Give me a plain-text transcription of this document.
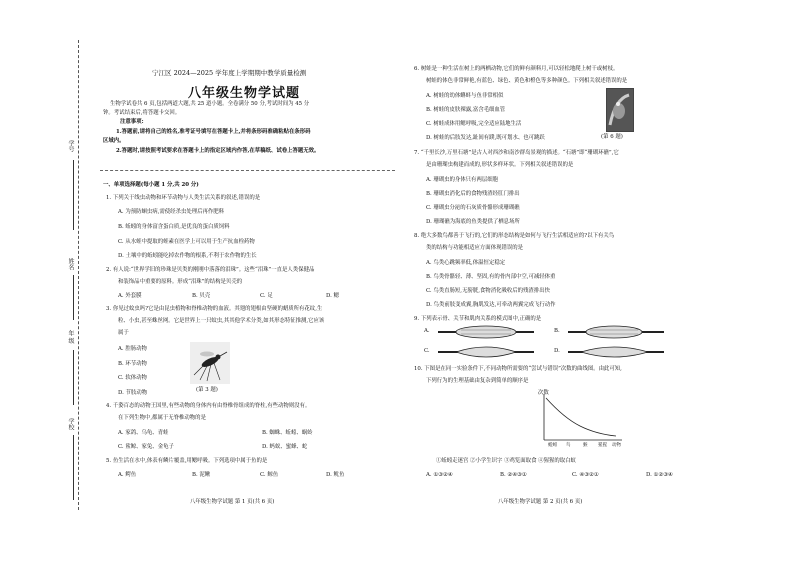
学号
姓名
年 级
学校
宁江区 2024—2025 学年度上学期期中教学质量检测
八年级生物学试题
生物学试卷共 6 页,包括两道大题,共 25 道小题。全卷满分 50 分,考试时间为 45 分
钟。考试结束后,将答题卡交回。
注意事项:
1.答题前,请将自己的姓名,准考证号填写在答题卡上,并将条形码准确粘贴在条形码
区域内。
2.答题时,请按照考试要求在答题卡上的指定区域内作答,在草稿纸、试卷上答题无效。
一、单项选择题(每小题 1 分,共 20 分)
1. 下列关于线虫动物和环节动物与人类生活关系的叙述,错误的是
A. 为预防蛔虫病,需使经杀虫处理后再作肥料
B. 蚯蚓的身体富含蛋白质,是优良的蛋白质饲料
C. 从水蛭中提取的蛭素在医学上可以用于生产抗血栓药物
D. 土壤中的蚯蚓能吃掉农作物的根系,不利于农作物的生长
2. 有人说:“世界学旧的珍珠是贝类的刚刚中落落的泪珠”。这些“泪珠”一直是人类保健品
和装饰品中重要的原料。形成“泪珠”的结构是贝壳的
A. 外套膜	B. 贝壳	C. 足	D. 鳃
3. 你见过蚊虫吗?它是由昆虫植物和脊椎动物的血液。其翅的翅根由坚硬的蜡质所有花纹,生
粒、小虫,甚至蛛丝网。它是世界上一只蚊虫,其其他学术分类,如其形态特征推测,它应该
属于
A. 腔肠动物
B. 环节动物
C. 软体动物
D. 节肢动物	(第 3 题)
4. 千姿百态的动物王国里,有些动物的身体内有由脊椎骨组成的脊柱,有些动物则没有。
在下列生物中,都属于无脊椎动物的是
A. 家鸽、乌龟、青蛙	B. 蜘蛛、蚯蚓、蜗蛉
C. 鲨鲸、家兔、金龟子	D. 蚂蚁、蜜蜂、蛇
5. 鱼生活在水中,体表有鳞片覆盖,用鳃呼吸。下列选项中属于鱼的是
A. 鳄鱼	B. 泥鳅	C. 鲸鱼	D. 鱿鱼
八年级生物学试题 第 1 页(共 6 页)
6. 树蛙是一种生活在树上的两栖动物,它们的鲜有颜料月,可以轻松地爬上树干或树枝。
树蛙的体色非常鲜艳,有蓝色、绿色、黄色和橙色等多种颜色。下列相关叙述错误的是
A. 树蛙的幼体蝌蚪与鱼非常相似
B. 树蛙的皮肤裸露,富含毛细血管
C. 树蛙成体用鳃呼吸,完全适应陆地生活
D. 树蛙的后肢发达,趾间有蹼,既可划水、也可跳跃	(第 6 题)
7. “千里长沙,万里石塘”是古人对西沙和南沙群岛景观的描述。“石塘”即“珊瑚环礁”,它
是由珊瑚虫构建而成的,形状多样环状。下列相关叙述错误的是
A. 珊瑚虫的身体只有两层细胞
B. 珊瑚虫消化后的食物残渣经肛门排出
C. 珊瑚虫分泌的石灰质骨骼形成珊瑚礁
D. 珊瑚礁为海底的鱼类提供了栖息场所
8. 绝大多数鸟都善于飞行的,它们的形态结构是如何与飞行生活相适应的?以下有关鸟
类的结构与功能相适应方面体现错误的是
A. 鸟类心跳频率低,体温恒定稳定
B. 鸟类骨骼轻、薄、坚固,有的骨内部中空,可减轻体重
C. 鸟类直肠短,无膀胱,食物消化吸收后的残渣排出快
D. 鸟类前肢变成翼,胸肌发达,可牵动两翼完成飞行动作
9. 下列表示骨、关节和肌肉关系的模式图中,正确的是
A.	B.
C.	D.
10. 下图是在同一实验条件下,不同动物所需要的“尝试与错误”次数的曲线图。由此可知,
下列行为的生理基础由复杂到简单的顺序是
次数
蚯蚓 鸟	猴 猩猩 动物
①蚯蚓走迷宫 ②小学生识字 ③鸡览面取食 ④猩猩的取白蚁
A. ①③②④	B. ②④③①	C. ④③②①	D. ①②③④
八年级生物学试题 第 2 页(共 6 页)
